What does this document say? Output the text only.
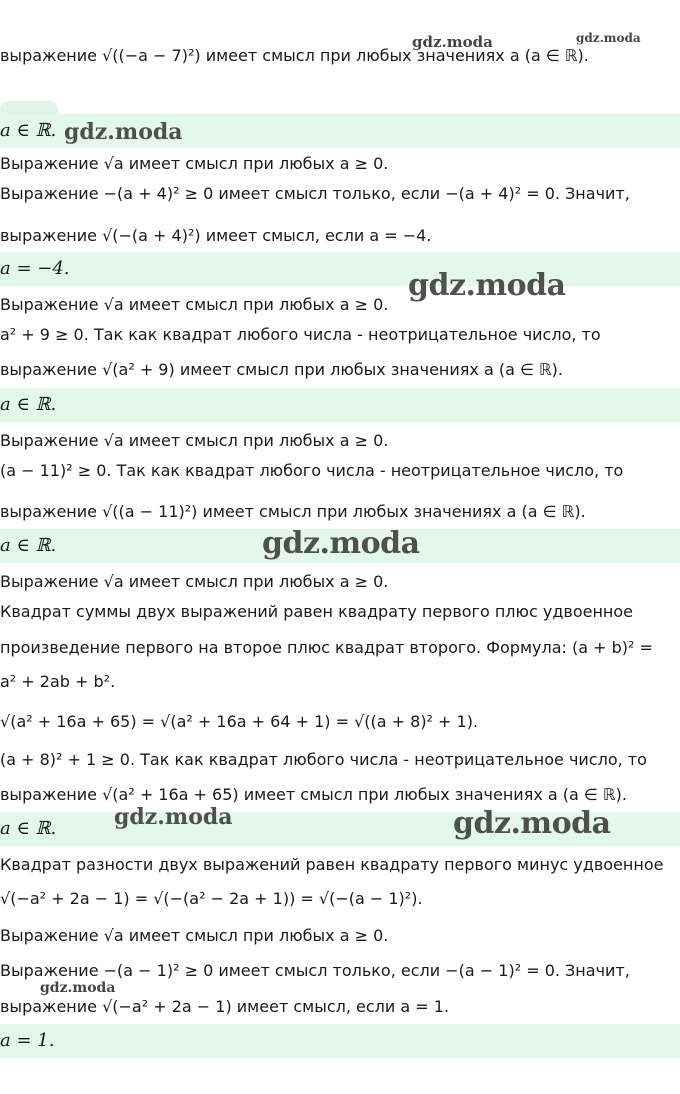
выражение √((−a − 7)²) имеет смысл при любых значениях a (a ∈ ℝ).
a ∈ ℝ.
Выражение √a имеет смысл при любых a ≥ 0.
Выражение −(a + 4)² ≥ 0 имеет смысл только, если −(a + 4)² = 0. Значит,
выражение √(−(a + 4)²) имеет смысл, если a = −4.
a = −4.
Выражение √a имеет смысл при любых a ≥ 0.
a² + 9 ≥ 0. Так как квадрат любого числа - неотрицательное число, то
выражение √(a² + 9) имеет смысл при любых значениях a (a ∈ ℝ).
a ∈ ℝ.
Выражение √a имеет смысл при любых a ≥ 0.
(a − 11)² ≥ 0. Так как квадрат любого числа - неотрицательное число, то
выражение √((a − 11)²) имеет смысл при любых значениях a (a ∈ ℝ).
a ∈ ℝ.
Выражение √a имеет смысл при любых a ≥ 0.
Квадрат суммы двух выражений равен квадрату первого плюс удвоенное
произведение первого на второе плюс квадрат второго. Формула: (a + b)² =
a² + 2ab + b².
√(a² + 16a + 65) = √(a² + 16a + 64 + 1) = √((a + 8)² + 1).
(a + 8)² + 1 ≥ 0. Так как квадрат любого числа - неотрицательное число, то
выражение √(a² + 16a + 65) имеет смысл при любых значениях a (a ∈ ℝ).
a ∈ ℝ.
Квадрат разности двух выражений равен квадрату первого минус удвоенное
√(−a² + 2a − 1) = √(−(a² − 2a + 1)) = √(−(a − 1)²).
Выражение √a имеет смысл при любых a ≥ 0.
Выражение −(a − 1)² ≥ 0 имеет смысл только, если −(a − 1)² = 0. Значит,
выражение √(−a² + 2a − 1) имеет смысл, если a = 1.
a = 1.
gdz.moda	gdz.moda
gdz.moda
gdz.moda
gdz.moda
gdz.moda	gdz.moda
gdz.moda
